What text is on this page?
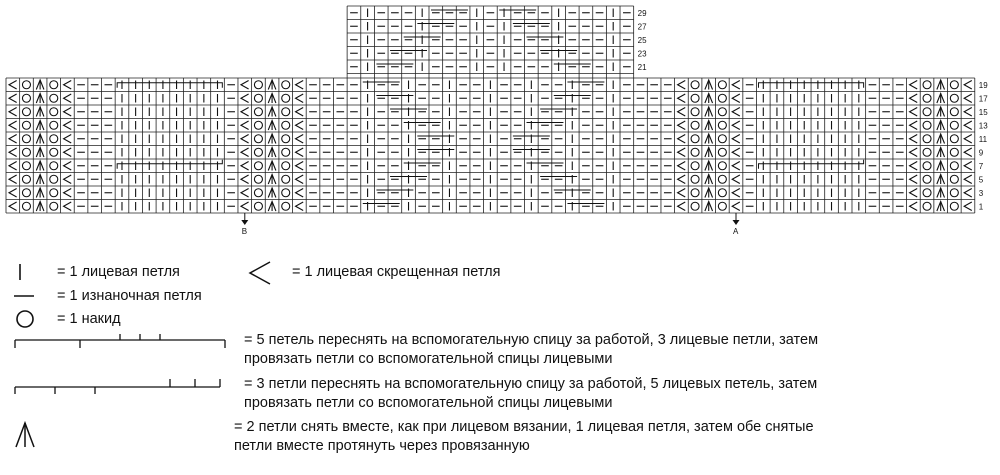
29
27
25
23
21
19
17
15
13
11
9
7
5
3
1
B	A
= 1 лицевая петля
= 1 изнаночная петля
= 1 накид
= 1 лицевая скрещенная петля
= 5 петель переснять на вспомогательную спицу за работой, 3 лицевые петли, затем
провязать петли со вспомогательной спицы лицевыми
= 3 петли переснять на вспомогательную спицу за работой, 5 лицевых петель, затем
провязать петли со вспомогательной спицы лицевыми
= 2 петли снять вместе, как при лицевом вязании, 1 лицевая петля, затем обе снятые
петли вместе протянуть через провязанную
